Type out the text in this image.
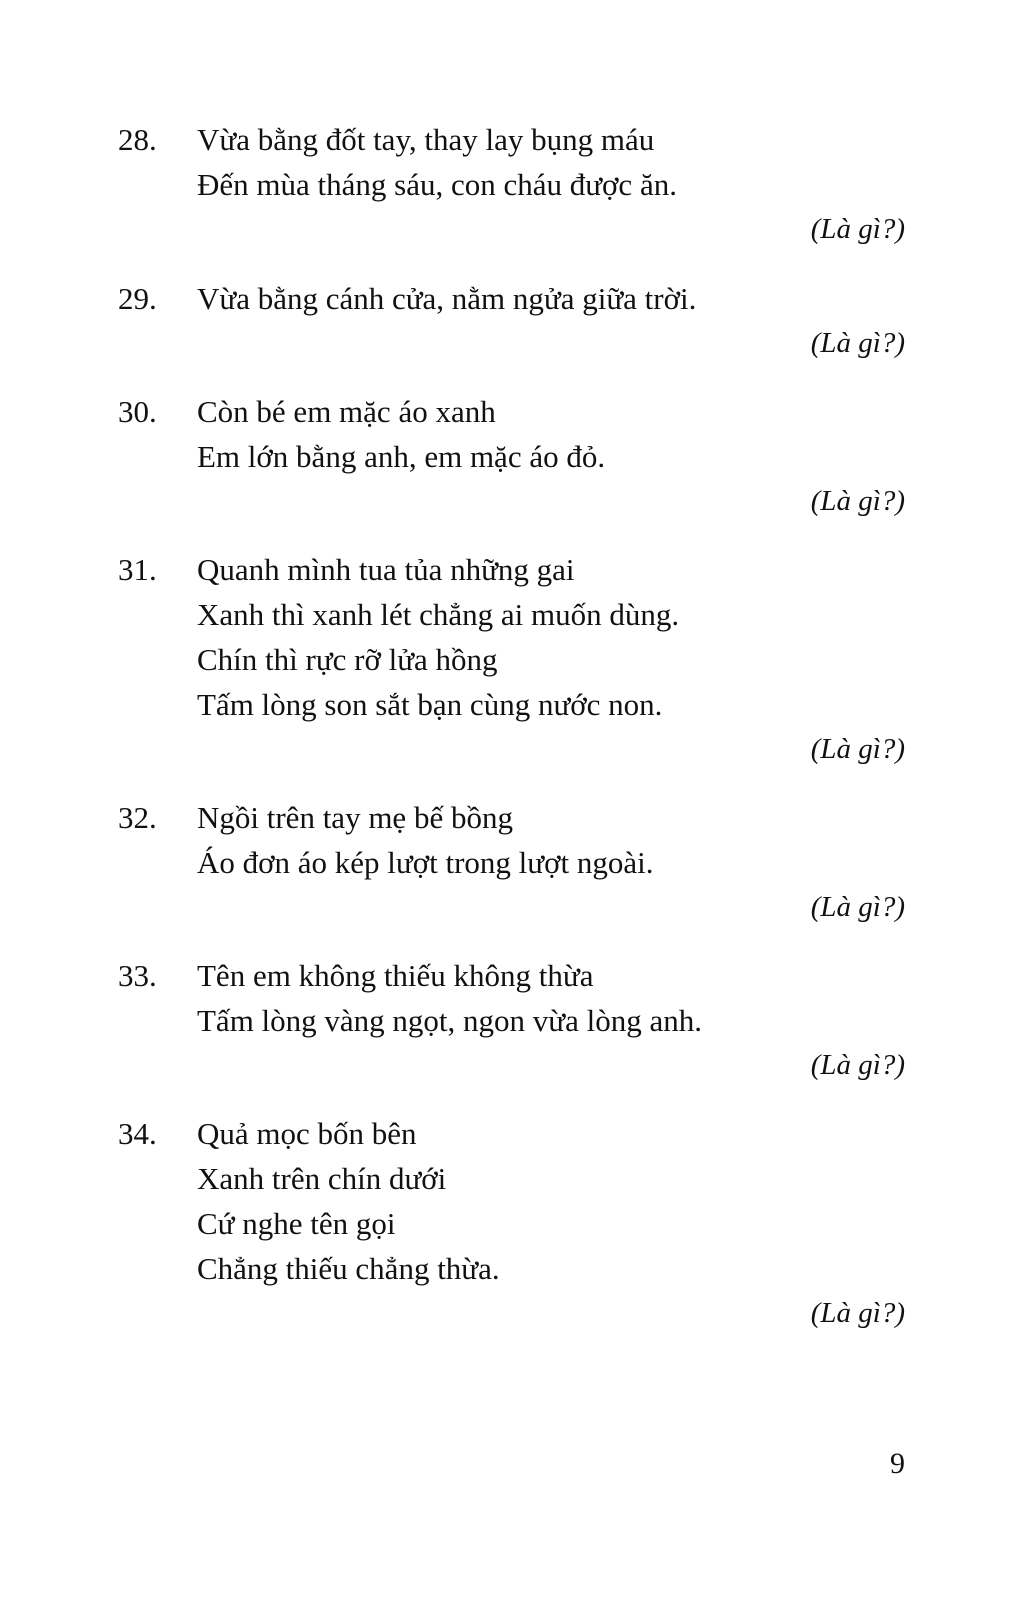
28. Vừa bằng đốt tay, thay lay bụng máu
Đến mùa tháng sáu, con cháu được ăn.
(Là gì?)
29. Vừa bằng cánh cửa, nằm ngửa giữa trời.
(Là gì?)
30. Còn bé em mặc áo xanh
Em lớn bằng anh, em mặc áo đỏ.
(Là gì?)
31. Quanh mình tua tủa những gai
Xanh thì xanh lét chẳng ai muốn dùng.
Chín thì rực rỡ lửa hồng
Tấm lòng son sắt bạn cùng nước non.
(Là gì?)
32. Ngồi trên tay mẹ bế bồng
Áo đơn áo kép lượt trong lượt ngoài.
(Là gì?)
33. Tên em không thiếu không thừa
Tấm lòng vàng ngọt, ngon vừa lòng anh.
(Là gì?)
34. Quả mọc bốn bên
Xanh trên chín dưới
Cứ nghe tên gọi
Chẳng thiếu chẳng thừa.
(Là gì?)
9
